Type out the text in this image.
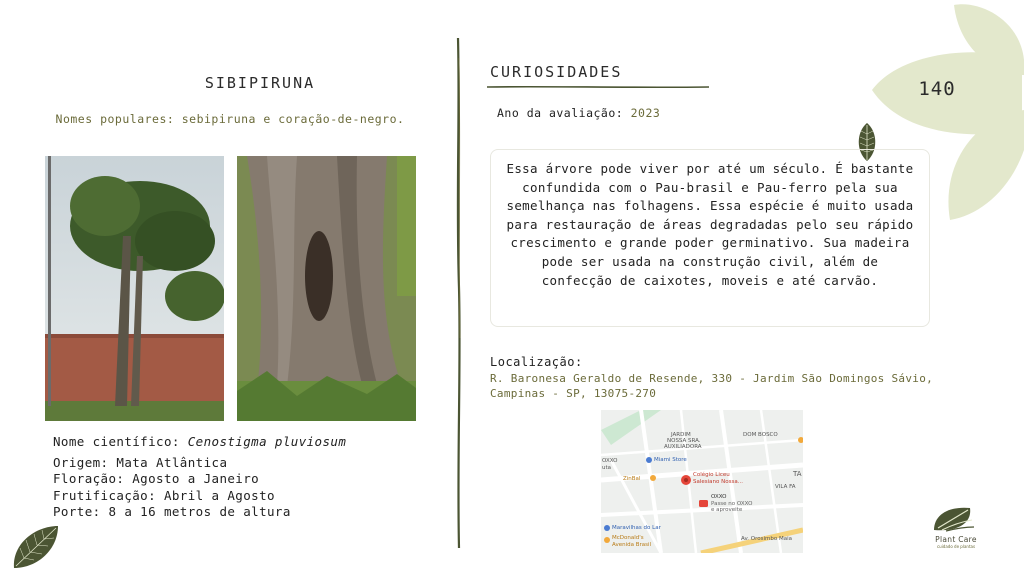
140
SIBIPIRUNA
Nomes populares: sebipiruna e coração-de-negro.
Nome científico: Cenostigma pluviosum
Origem: Mata Atlântica
Floração: Agosto a Janeiro
Frutificação: Abril a Agosto
Porte: 8 a 16 metros de altura
CURIOSIDADES
Ano da avaliação: 2023
Essa árvore pode viver por até um século. É bastante confundida com o Pau-brasil e Pau-ferro pela sua semelhança nas folhagens. Essa espécie é muito usada para restauração de áreas degradadas pelo seu rápido crescimento e grande poder germinativo. Sua madeira pode ser usada na construção civil, além de confecção de caixotes, moveis e até carvão.
Localização:
R. Baronesa Geraldo de Resende, 330 - Jardim São Domingos Sávio, Campinas - SP, 13075-270
JARDIM
NOSSA SRA.
AUXILIADORA
DOM BOSCO
Miami Store
OXXO
uta
Colégio Liceu
Salesiano Nossa...
TA
VILA FA
ZinBal
OXXO
Passe no OXXO
e aproveite
Maravilhas do Lar
McDonald's
Avenida Brasil
Av. Orosimbo Maia	Plant Care
cuidado de plantas
